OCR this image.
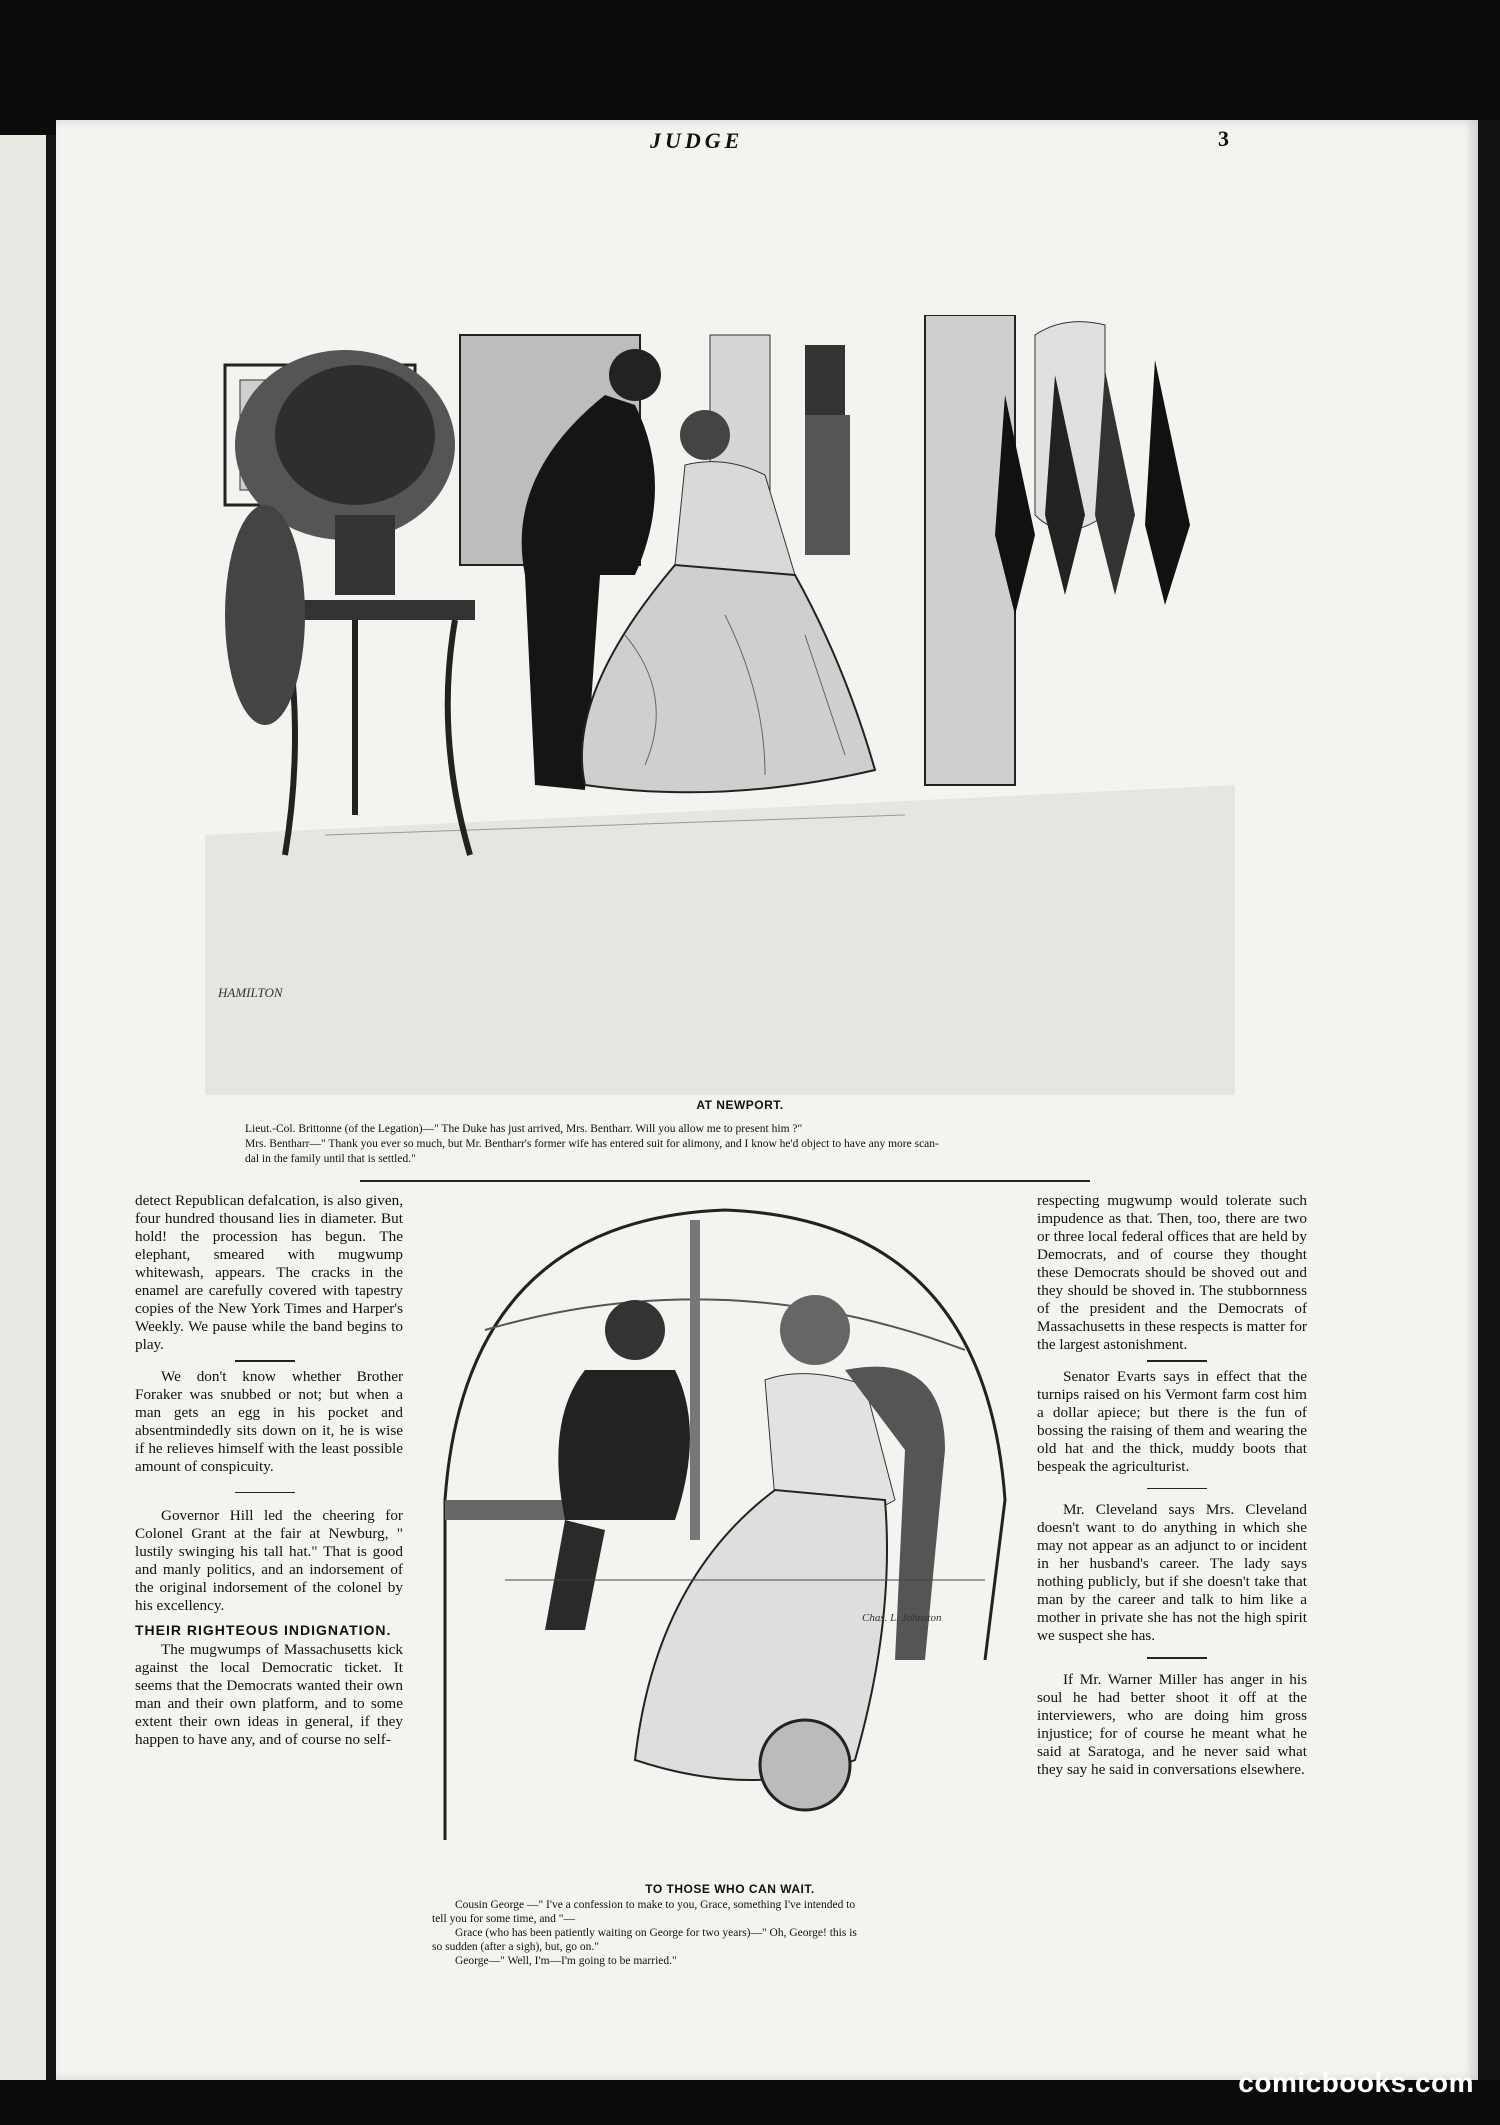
JUDGE	3
HAMILTON
AT NEWPORT.
Lieut.-Col. Brittonne (of the Legation)—" The Duke has just arrived, Mrs. Bentharr. Will you allow me to present him ?"
Mrs. Bentharr—" Thank you ever so much, but Mr. Bentharr's former wife has entered suit for alimony, and I know he'd object to have any more scan-
dal in the family until that is settled."

detect Republican defalcation, is also given, four hundred thousand lies in diameter. But hold! the procession has begun. The elephant, smeared with mugwump whitewash, appears. The cracks in the enamel are carefully covered with tapestry copies of the New York Times and Harper's Weekly. We pause while the band begins to play.

We don't know whether Brother Foraker was snubbed or not; but when a man gets an egg in his pocket and absentmindedly sits down on it, he is wise if he relieves himself with the least possible amount of conspicuity.

Governor Hill led the cheering for Colonel Grant at the fair at Newburg, " lustily swinging his tall hat." That is good and manly politics, and an indorsement of the original indorsement of the colonel by his excellency.

THEIR RIGHTEOUS INDIGNATION.

The mugwumps of Massachusetts kick against the local Democratic ticket. It seems that the Democrats wanted their own man and their own platform, and to some extent their own ideas in general, if they happen to have any, and of course no self-

Chas. L. Johnston
TO THOSE WHO CAN WAIT.
Cousin George —" I've a confession to make to you, Grace, something I've intended to
tell you for some time, and "—
Grace (who has been patiently waiting on George for two years)—" Oh, George! this is
so sudden (after a sigh), but, go on."
George—" Well, I'm—I'm going to be married."

respecting mugwump would tolerate such impudence as that. Then, too, there are two or three local federal offices that are held by Democrats, and of course they thought these Democrats should be shoved out and they should be shoved in. The stubbornness of the president and the Democrats of Massachusetts in these respects is matter for the largest astonishment.

Senator Evarts says in effect that the turnips raised on his Vermont farm cost him a dollar apiece; but there is the fun of bossing the raising of them and wearing the old hat and the thick, muddy boots that bespeak the agriculturist.

Mr. Cleveland says Mrs. Cleveland doesn't want to do anything in which she may not appear as an adjunct to or incident in her husband's career. The lady says nothing publicly, but if she doesn't take that man by the career and talk to him like a mother in private she has not the high spirit we suspect she has.

If Mr. Warner Miller has anger in his soul he had better shoot it off at the interviewers, who are doing him gross injustice; for of course he meant what he said at Saratoga, and he never said what they say he said in conversations elsewhere.

comicbooks.com
